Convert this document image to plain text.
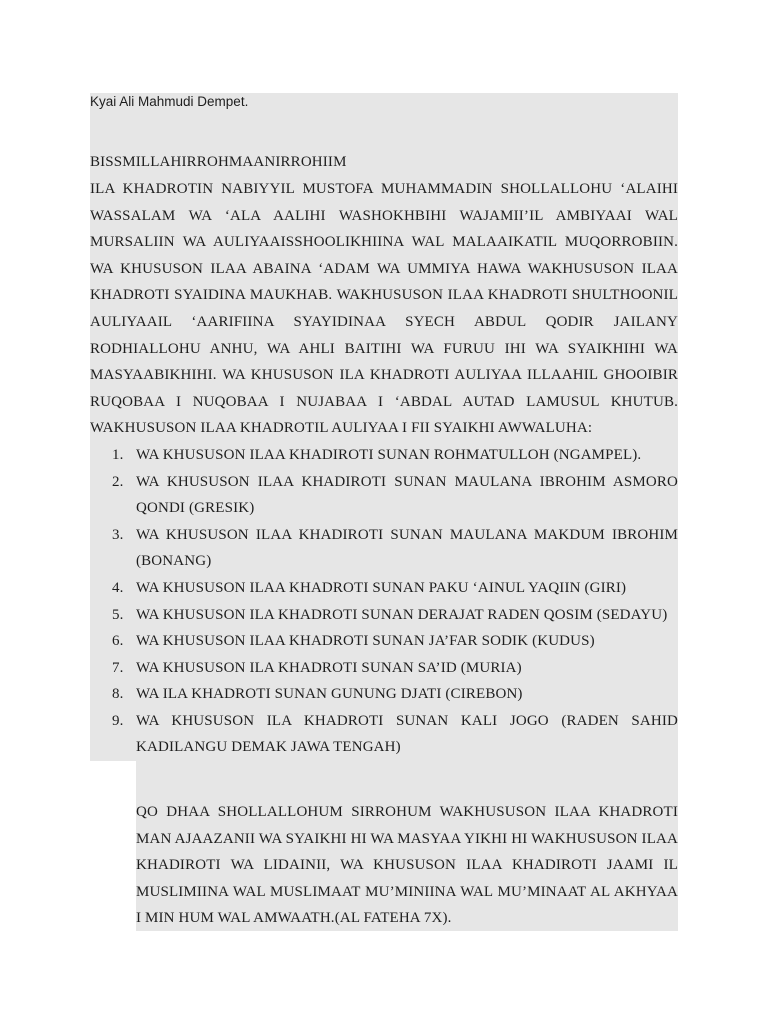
Kyai Ali Mahmudi Dempet.

BISSMILLAHIRROHMAANIRROHIIM

ILA KHADROTIN NABIYYIL MUSTOFA MUHAMMADIN SHOLLALLOHU ‘ALAIHI WASSALAM WA ‘ALA AALIHI WASHOKHBIHI WAJAMII’IL AMBIYAAI WAL MURSALIIN WA AULIYAAISSHOOLIKHIINA WAL MALAAIKATIL MUQORROBIIN. WA KHUSUSON ILAA ABAINA ‘ADAM WA UMMIYA HAWA WAKHUSUSON ILAA KHADROTI SYAIDINA MAUKHAB. WAKHUSUSON ILAA KHADROTI SHULTHOONIL AULIYAAIL ‘AARIFIINA SYAYIDINAA SYECH ABDUL QODIR JAILANY RODHIALLOHU ANHU, WA AHLI BAITIHI WA FURUU IHI WA SYAIKHIHI WA MASYAABIKHIHI. WA KHUSUSON ILA KHADROTI AULIYAA ILLAAHIL GHOOIBIR RUQOBAA I NUQOBAA I NUJABAA I ‘ABDAL AUTAD LAMUSUL KHUTUB. WAKHUSUSON ILAA KHADROTIL AULIYAA I FII SYAIKHI AWWALUHA:

1. WA KHUSUSON ILAA KHADIROTI SUNAN ROHMATULLOH (NGAMPEL).
2. WA KHUSUSON ILAA KHADIROTI SUNAN MAULANA IBROHIM ASMORO QONDI (GRESIK)
3. WA KHUSUSON ILAA KHADIROTI SUNAN MAULANA MAKDUM IBROHIM (BONANG)
4. WA KHUSUSON ILAA KHADROTI SUNAN PAKU ‘AINUL YAQIIN (GIRI)
5. WA KHUSUSON ILA KHADROTI SUNAN DERAJAT RADEN QOSIM (SEDAYU)
6. WA KHUSUSON ILAA KHADROTI SUNAN JA’FAR SODIK (KUDUS)
7. WA KHUSUSON ILA KHADROTI SUNAN SA’ID (MURIA)
8. WA ILA KHADROTI SUNAN GUNUNG DJATI (CIREBON)
9. WA KHUSUSON ILA KHADROTI SUNAN KALI JOGO (RADEN SAHID KADILANGU DEMAK JAWA TENGAH)

QO DHAA SHOLLALLOHUM SIRROHUM WAKHUSUSON ILAA KHADROTI MAN AJAAZANII WA SYAIKHI HI WA MASYAA YIKHI HI WAKHUSUSON ILAA KHADIROTI WA LIDAINII, WA KHUSUSON ILAA KHADIROTI JAAMI IL MUSLIMIINA WAL MUSLIMAAT MU’MINIINA WAL MU’MINAAT AL AKHYAA I MIN HUM WAL AMWAATH.(AL FATEHA 7X).
